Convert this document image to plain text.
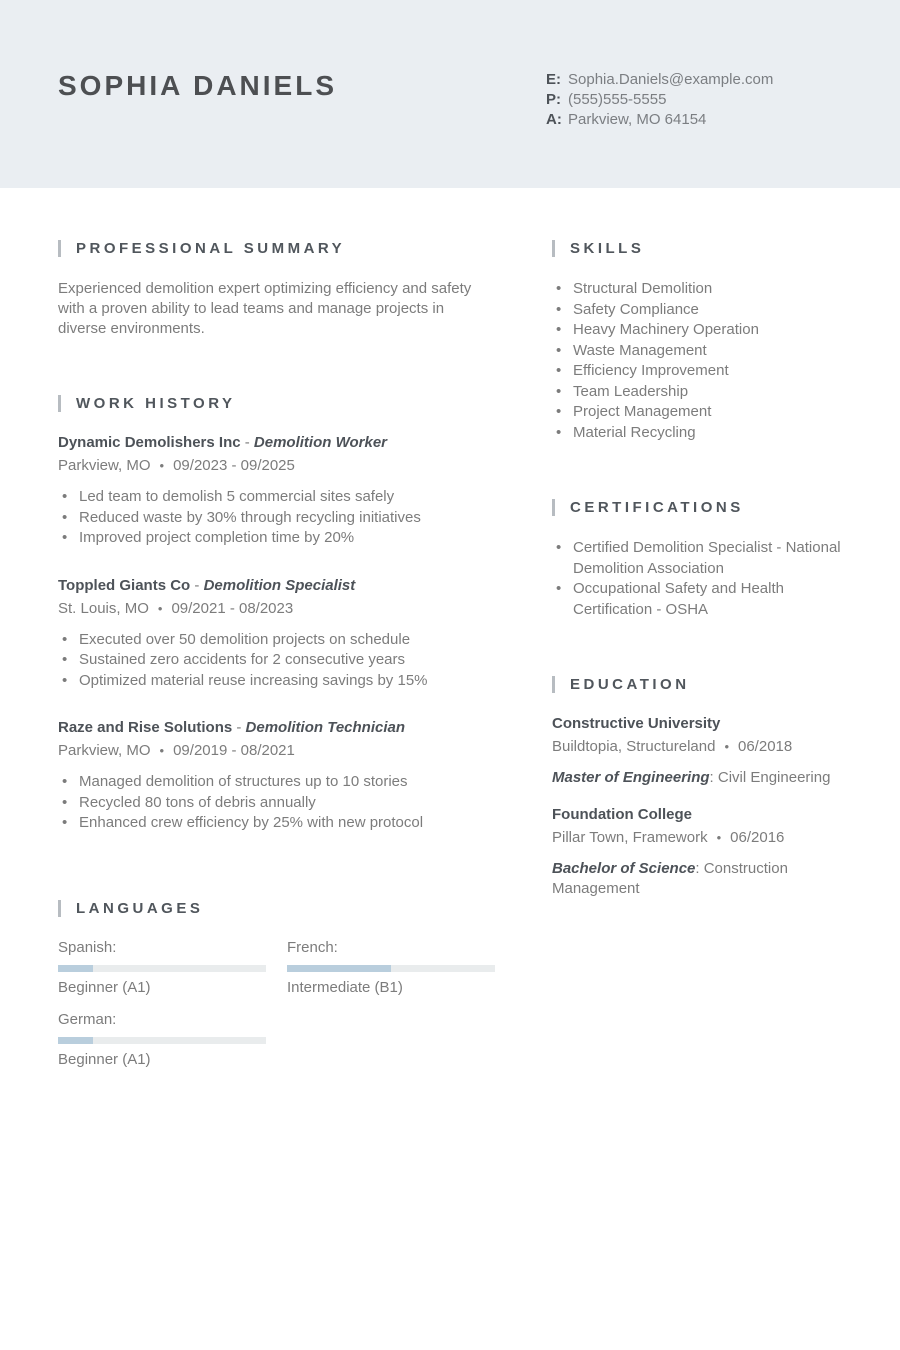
SOPHIA DANIELS	E: Sophia.Daniels@example.com
P: (555)555-5555
A: Parkview, MO 64154
PROFESSIONAL SUMMARY

Experienced demolition expert optimizing efficiency and safety with a proven ability to lead teams and manage projects in diverse environments.

WORK HISTORY
Dynamic Demolishers Inc - Demolition Worker
Parkview, MO • 09/2023 - 09/2025
• Led team to demolish 5 commercial sites safely
• Reduced waste by 30% through recycling initiatives
• Improved project completion time by 20%
Toppled Giants Co - Demolition Specialist
St. Louis, MO • 09/2021 - 08/2023
• Executed over 50 demolition projects on schedule
• Sustained zero accidents for 2 consecutive years
• Optimized material reuse increasing savings by 15%
Raze and Rise Solutions - Demolition Technician
Parkview, MO • 09/2019 - 08/2021
• Managed demolition of structures up to 10 stories
• Recycled 80 tons of debris annually
• Enhanced crew efficiency by 25% with new protocol
LANGUAGES
Spanish:
Beginner (A1)
French:
Intermediate (B1)
German:
Beginner (A1)
SKILLS
• Structural Demolition
• Safety Compliance
• Heavy Machinery Operation
• Waste Management
• Efficiency Improvement
• Team Leadership
• Project Management
• Material Recycling
CERTIFICATIONS
• Certified Demolition Specialist - National Demolition Association
• Occupational Safety and Health Certification - OSHA
EDUCATION
Constructive University
Buildtopia, Structureland • 06/2018
Master of Engineering: Civil Engineering
Foundation College
Pillar Town, Framework • 06/2016
Bachelor of Science: Construction Management
